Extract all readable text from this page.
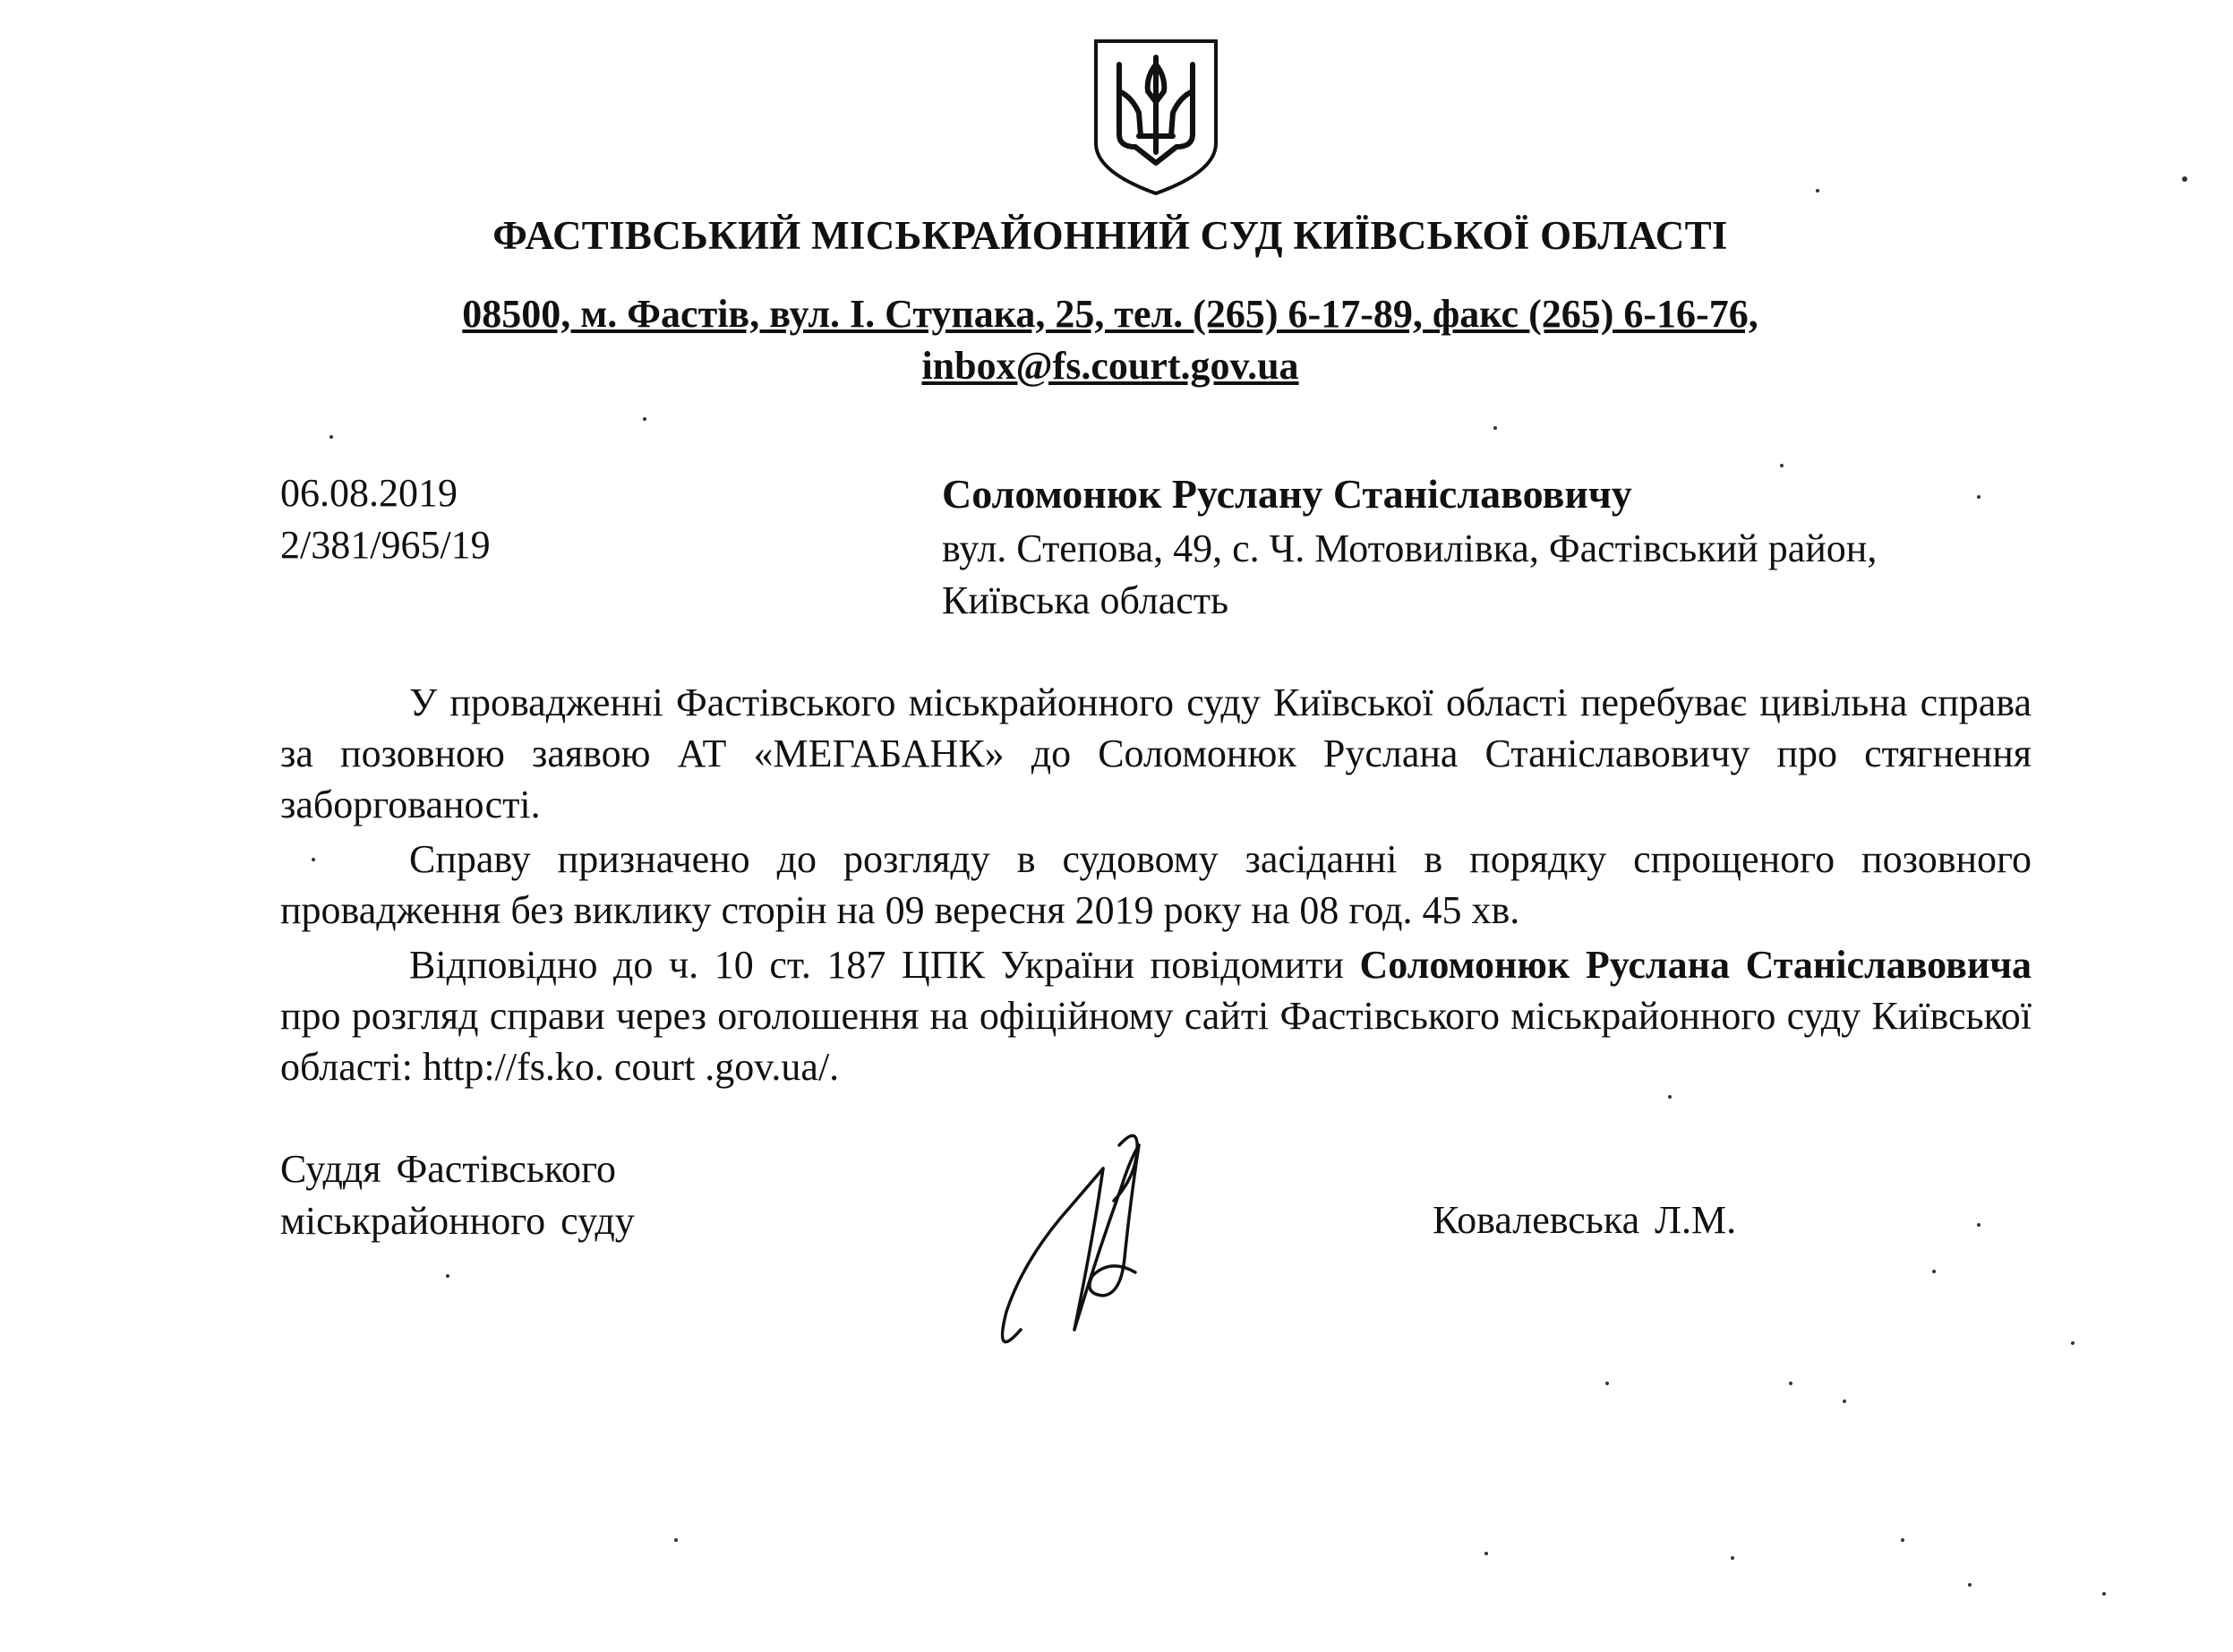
ФАСТІВСЬКИЙ МІСЬКРАЙОННИЙ СУД КИЇВСЬКОЇ ОБЛАСТІ
08500, м. Фастів, вул. І. Ступака, 25, тел. (265) 6-17-89, факс (265) 6-16-76,
inbox@fs.court.gov.ua
06.08.2019
2/381/965/19
Соломонюк Руслану Станіславовичу
вул. Степова, 49, с. Ч. Мотовилівка, Фастівський район,
Київська область

У провадженні Фастівського міськрайонного суду Київської області перебуває цивільна справа за позовною заявою АТ «МЕГАБАНК» до Соломонюк Руслана Станіславовичу про стягнення заборгованості.

Справу призначено до розгляду в судовому засіданні в порядку спрощеного позовного провадження без виклику сторін на 09 вересня 2019 року на 08 год. 45 хв.

Відповідно до ч. 10 ст. 187 ЦПК України повідомити Соломонюк Руслана Станіславовича про розгляд справи через оголошення на офіційному сайті Фастівського міськрайонного суду Київської області: http://fs.ko. court .gov.ua/.

Суддя Фастівського
міськрайонного суду	Ковалевська Л.М.
